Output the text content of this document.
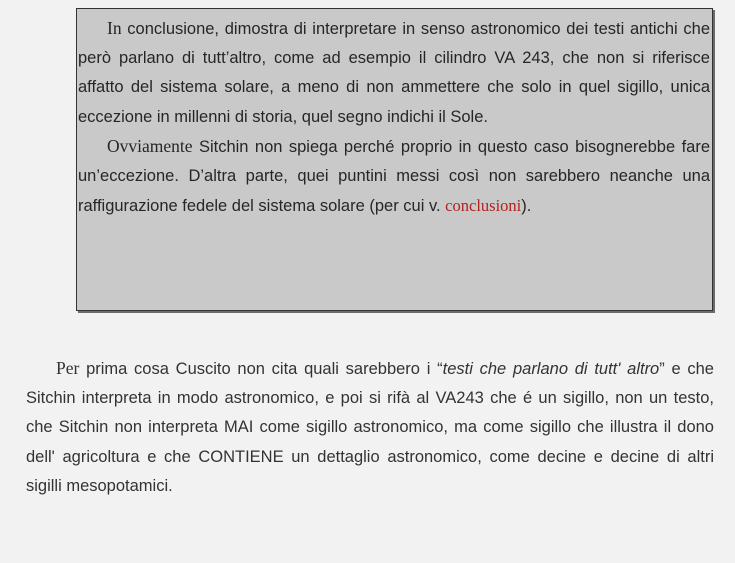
In conclusione, dimostra di interpretare in senso astronomico dei testi antichi che però parlano di tutt’altro, come ad esempio il cilindro VA 243, che non si riferisce affatto del sistema solare, a meno di non ammettere che solo in quel sigillo, unica eccezione in millenni di storia, quel segno indichi il Sole.

Ovviamente Sitchin non spiega perché proprio in questo caso bisognerebbe fare un’eccezione. D’altra parte, quei puntini messi così non sarebbero neanche una raffigurazione fedele del sistema solare (per cui v. conclusioni).

Per prima cosa Cuscito non cita quali sarebbero i “testi che parlano di tutt' altro” e che Sitchin interpreta in modo astronomico, e poi si rifà al VA243 che é un sigillo, non un testo, che Sitchin non interpreta MAI come sigillo astronomico, ma come sigillo che illustra il dono dell' agricoltura e che CONTIENE un dettaglio astronomico, come decine e decine di altri sigilli mesopotamici.
